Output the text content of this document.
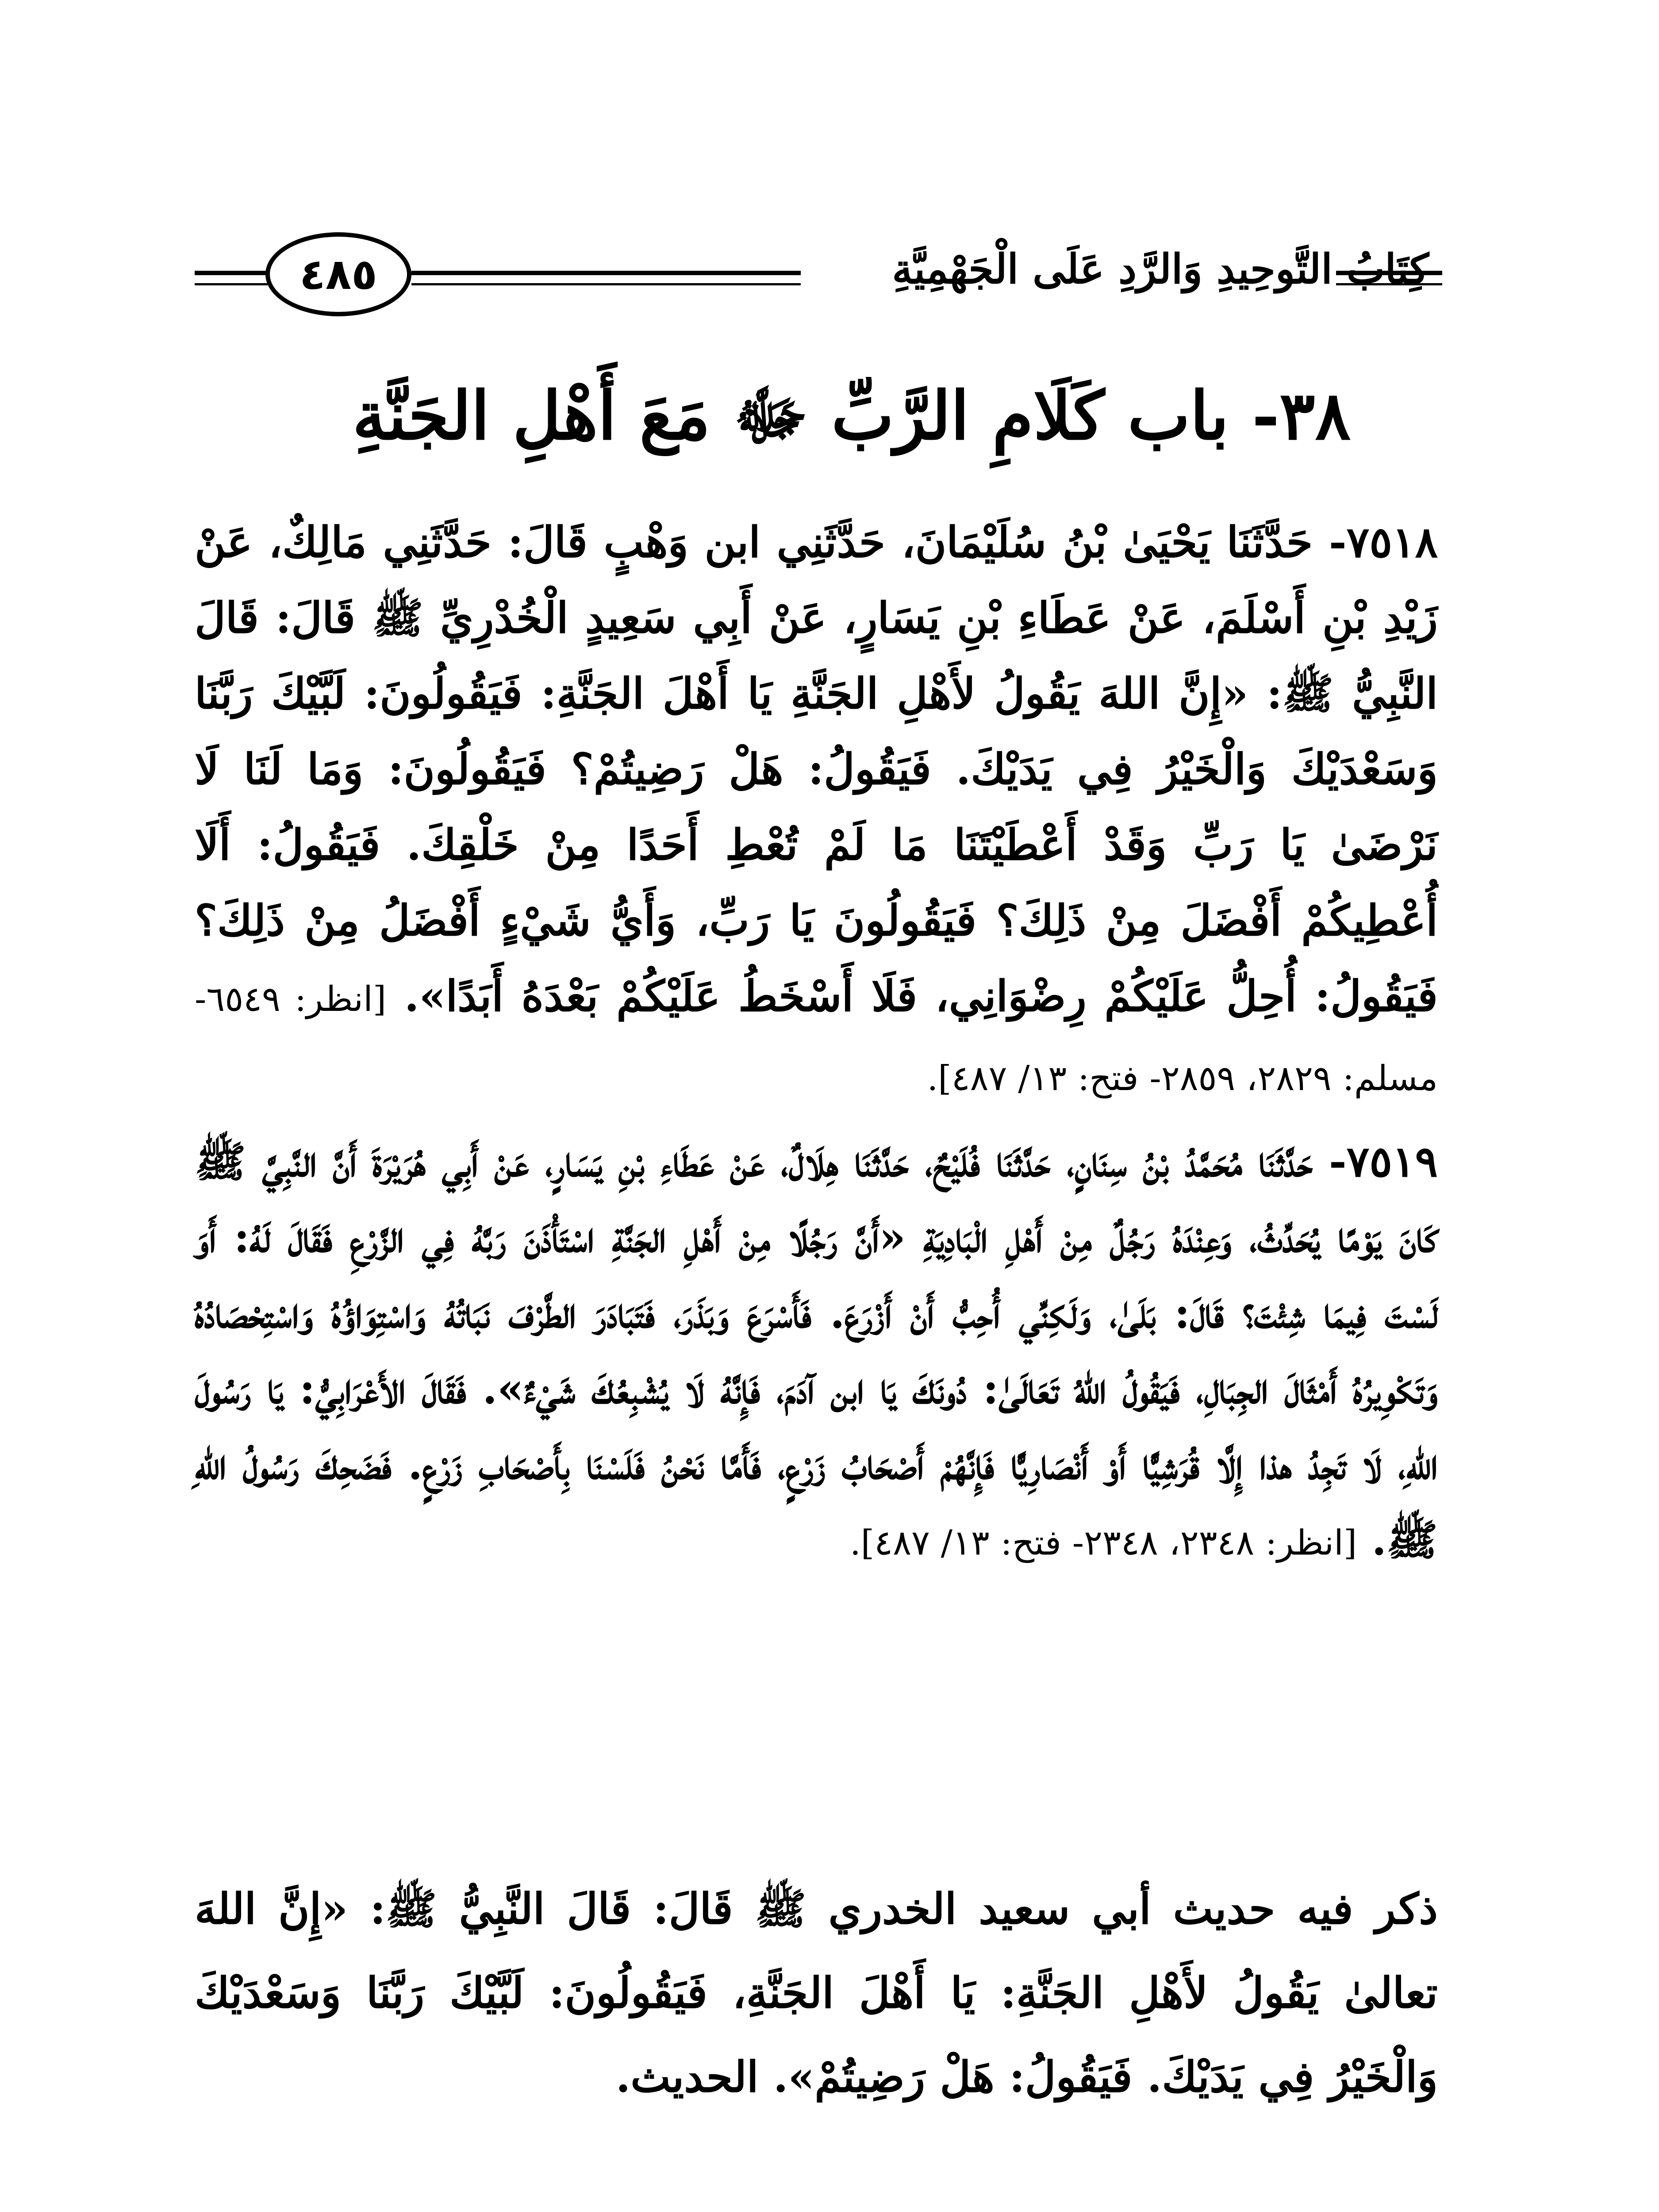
كِتَابُ التَّوحِيدِ وَالرَّدِ عَلَى الْجَهْمِيَّةِ
٤٨٥
٣٨- باب كَلَامِ الرَّبِّ ﷻ مَعَ أَهْلِ الجَنَّةِ
٧٥١٨- حَدَّثَنَا يَحْيَىٰ بْنُ سُلَيْمَانَ، حَدَّثَنِي ابن وَهْبٍ قَالَ: حَدَّثَنِي مَالِكٌ، عَنْ زَيْدِ بْنِ أَسْلَمَ، عَنْ عَطَاءِ بْنِ يَسَارٍ، عَنْ أَبِي سَعِيدٍ الْخُدْرِيِّ ﷺ قَالَ: قَالَ النَّبِيُّ ﷺ: «إِنَّ اللهَ يَقُولُ لأَهْلِ الجَنَّةِ يَا أَهْلَ الجَنَّةِ: فَيَقُولُونَ: لَبَّيْكَ رَبَّنَا وَسَعْدَيْكَ وَالْخَيْرُ فِي يَدَيْكَ. فَيَقُولُ: هَلْ رَضِيتُمْ؟ فَيَقُولُونَ: وَمَا لَنَا لَا نَرْضَىٰ يَا رَبِّ وَقَدْ أَعْطَيْتَنَا مَا لَمْ تُعْطِ أَحَدًا مِنْ خَلْقِكَ. فَيَقُولُ: أَلَا أُعْطِيكُمْ أَفْضَلَ مِنْ ذَلِكَ؟ فَيَقُولُونَ يَا رَبِّ، وَأَيُّ شَيْءٍ أَفْضَلُ مِنْ ذَلِكَ؟ فَيَقُولُ: أُحِلُّ عَلَيْكُمْ رِضْوَانِي، فَلَا أَسْخَطُ عَلَيْكُمْ بَعْدَهُ أَبَدًا». [انظر: ٦٥٤٩- مسلم: ٢٨٢٩، ٢٨٥٩- فتح: ١٣/ ٤٨٧].
٧٥١٩- حَدَّثَنَا مُحَمَّدُ بْنُ سِنَانٍ، حَدَّثَنَا فُلَيْحٌ، حَدَّثَنَا هِلَالٌ، عَنْ عَطَاءِ بْنِ يَسَارٍ، عَنْ أَبِي هُرَيْرَةَ أَنَّ النَّبِيَّ ﷺ كَانَ يَوْمًا يُحَدِّثُ، وَعِنْدَهُ رَجُلٌ مِنْ أَهْلِ الْبَادِيَةِ «أَنَّ رَجُلًا مِنْ أَهْلِ الجَنَّةِ اسْتَأْذَنَ رَبَّهُ فِي الزَّرْعِ فَقَالَ لَهُ: أَوَ لَسْتَ فِيمَا شِئْتَ؟ قَالَ: بَلَىٰ، وَلَكِنِّي أُحِبُّ أَنْ أَزْرَعَ. فَأَسْرَعَ وَبَذَرَ، فَتَبَادَرَ الطَّرْفَ نَبَاتُهُ وَاسْتِوَاؤُهُ وَاسْتِحْصَادُهُ وَتَكْوِيرُهُ أَمْثَالَ الجِبَالِ، فَيَقُولُ اللهُ تَعَالَىٰ: دُونَكَ يَا ابن آدَمَ، فَإِنَّهُ لَا يُشْبِعُكَ شَيْءٌ». فَقَالَ الأَعْرَابِيُّ: يَا رَسُولَ اللهِ، لَا تَجِدُ هذا إِلَّا قُرَشِيًّا أَوْ أَنْصَارِيًّا فَإِنَّهُمْ أَصْحَابُ زَرْعٍ، فَأَمَّا نَحْنُ فَلَسْنَا بِأَصْحَابِ زَرْعٍ. فَضَحِكَ رَسُولُ اللهِ ﷺ. [انظر: ٢٣٤٨، ٢٣٤٨- فتح: ١٣/ ٤٨٧].
ذكر فيه حديث أبي سعيد الخدري ﷺ قَالَ: قَالَ النَّبِيُّ ﷺ: «إِنَّ اللهَ تعالىٰ يَقُولُ لأَهْلِ الجَنَّةِ: يَا أَهْلَ الجَنَّةِ، فَيَقُولُونَ: لَبَّيْكَ رَبَّنَا وَسَعْدَيْكَ وَالْخَيْرُ فِي يَدَيْكَ. فَيَقُولُ: هَلْ رَضِيتُمْ». الحديث.
